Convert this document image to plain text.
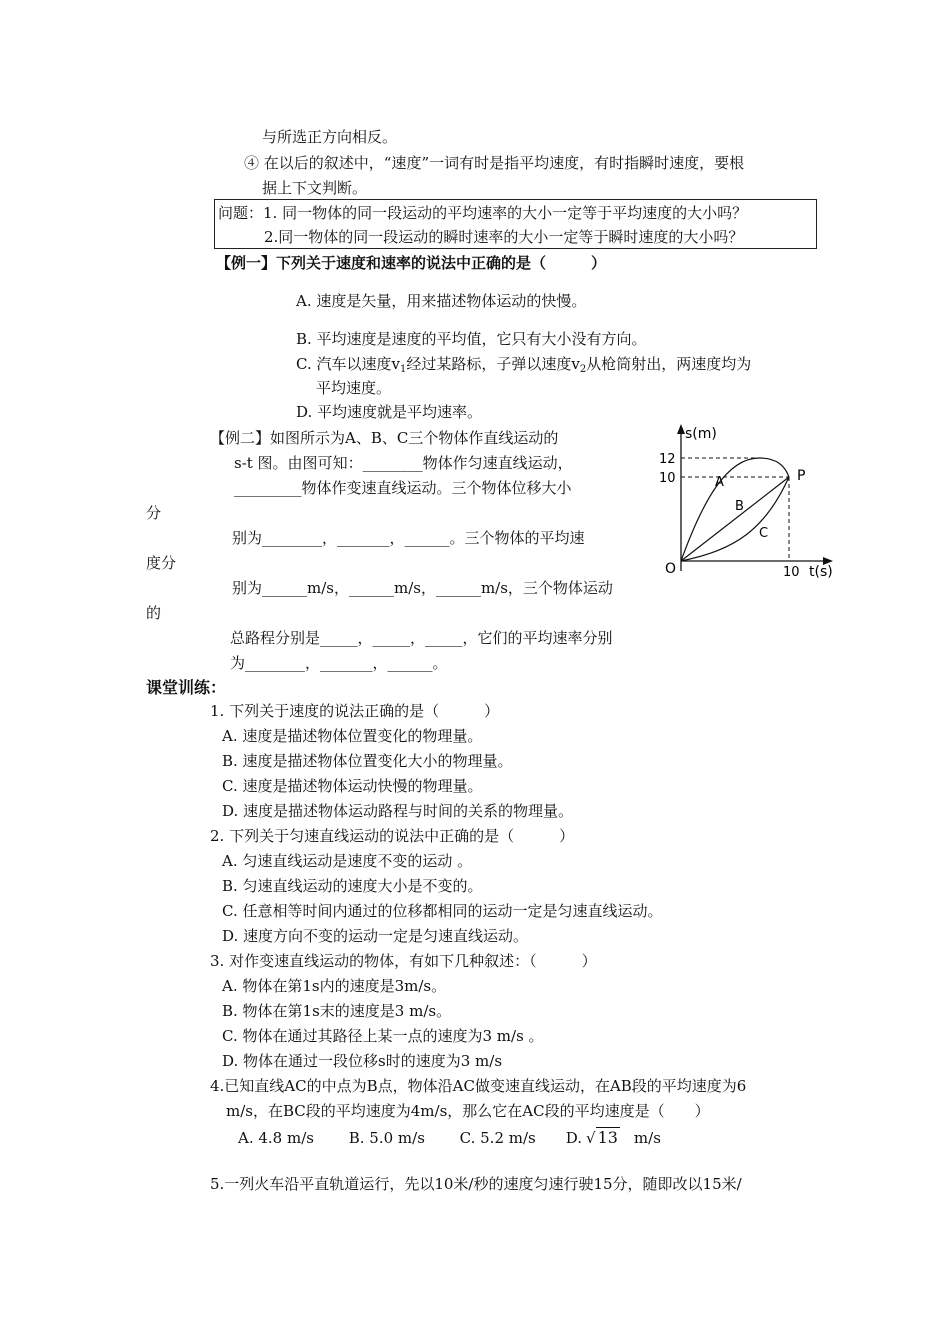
与所选正方向相反。
④ 在以后的叙述中，“速度”一词有时是指平均速度，有时指瞬时速度，要根
据上下文判断。
问题：1. 同一物体的同一段运动的平均速率的大小一定等于平均速度的大小吗？
2.同一物体的同一段运动的瞬时速率的大小一定等于瞬时速度的大小吗？
【例一】下列关于速度和速率的说法中正确的是（　　　）
A. 速度是矢量，用来描述物体运动的快慢。
B. 平均速度是速度的平均值，它只有大小没有方向。
C. 汽车以速度$v_1$经过某路标，子弹以速度$v_2$从枪筒射出，两速度均为
平均速度。
D. 平均速度就是平均速率。
【例二】如图所示为A、B、C三个物体作直线运动的
s-t 图。由图可知：________物体作匀速直线运动，
_________物体作变速直线运动。三个物体位移大小
分
别为________，_______，______。三个物体的平均速
度分
别为______m/s，______m/s，______m/s，三个物体运动
的
总路程分别是_____，_____，_____，它们的平均速率分别
为________，_______，______。
s(m)
12
10
O	10 t(s)
A
B
C
P
课堂训练：
1. 下列关于速度的说法正确的是（　　　）
A. 速度是描述物体位置变化的物理量。
B. 速度是描述物体位置变化大小的物理量。
C. 速度是描述物体运动快慢的物理量。
D. 速度是描述物体运动路程与时间的关系的物理量。
2. 下列关于匀速直线运动的说法中正确的是（　　　）
A. 匀速直线运动是速度不变的运动 。
B. 匀速直线运动的速度大小是不变的。
C. 任意相等时间内通过的位移都相同的运动一定是匀速直线运动。
D. 速度方向不变的运动一定是匀速直线运动。
3. 对作变速直线运动的物体，有如下几种叙述：（　　　）
A. 物体在第1s内的速度是3m/s。
B. 物体在第1s末的速度是3 m/s。
C. 物体在通过其路径上某一点的速度为3 m/s 。
D. 物体在通过一段位移s时的速度为3 m/s
4.已知直线AC的中点为B点，物体沿AC做变速直线运动，在AB段的平均速度为6
m/s，在BC段的平均速度为4m/s，那么它在AC段的平均速度是（　　）
A. 4.8 m/s　　 B. 5.0 m/s　　 C. 5.2 m/s　　D. √ 13 m/s
5.一列火车沿平直轨道运行，先以10米/秒的速度匀速行驶15分，随即改以15米/
